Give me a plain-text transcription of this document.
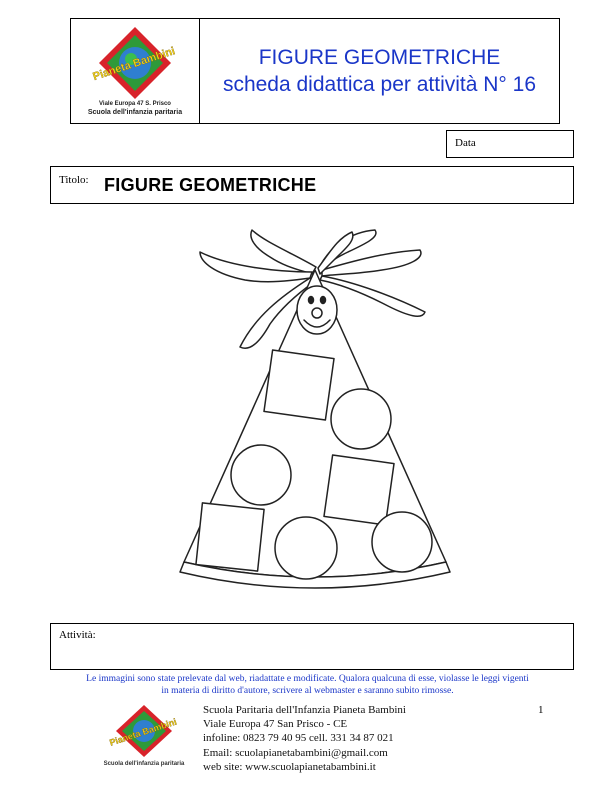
Pianeta Bambini
Viale Europa 47 S. Prisco
Scuola dell'infanzia paritaria
FIGURE GEOMETRICHE
scheda didattica per attività N° 16
Data
Titolo: FIGURE GEOMETRICHE
Attività:
Le immagini sono state prelevate dal web, riadattate e modificate. Qualora qualcuna di esse, violasse le leggi vigenti
in materia di diritto d'autore, scrivere al webmaster e saranno subito rimosse.
Pianeta Bambini
Scuola dell'infanzia paritaria
Scuola Paritaria dell'Infanzia Pianeta Bambini
Viale Europa 47 San Prisco - CE
infoline: 0823 79 40 95 cell. 331 34 87 021
Email: scuolapianetabambini@gmail.com
web site: www.scuolapianetabambini.it
1
